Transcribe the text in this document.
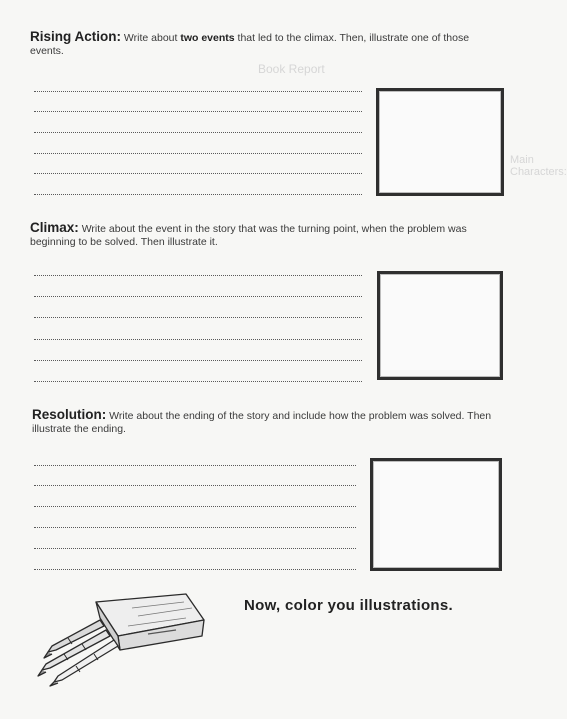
Book Report
Main Characters:
Rising Action: Write about two events that led to the climax. Then, illustrate one of those events.
Climax: Write about the event in the story that was the turning point, when the problem was beginning to be solved. Then illustrate it.
Resolution: Write about the ending of the story and include how the problem was solved. Then illustrate the ending.
Now, color you illustrations.
